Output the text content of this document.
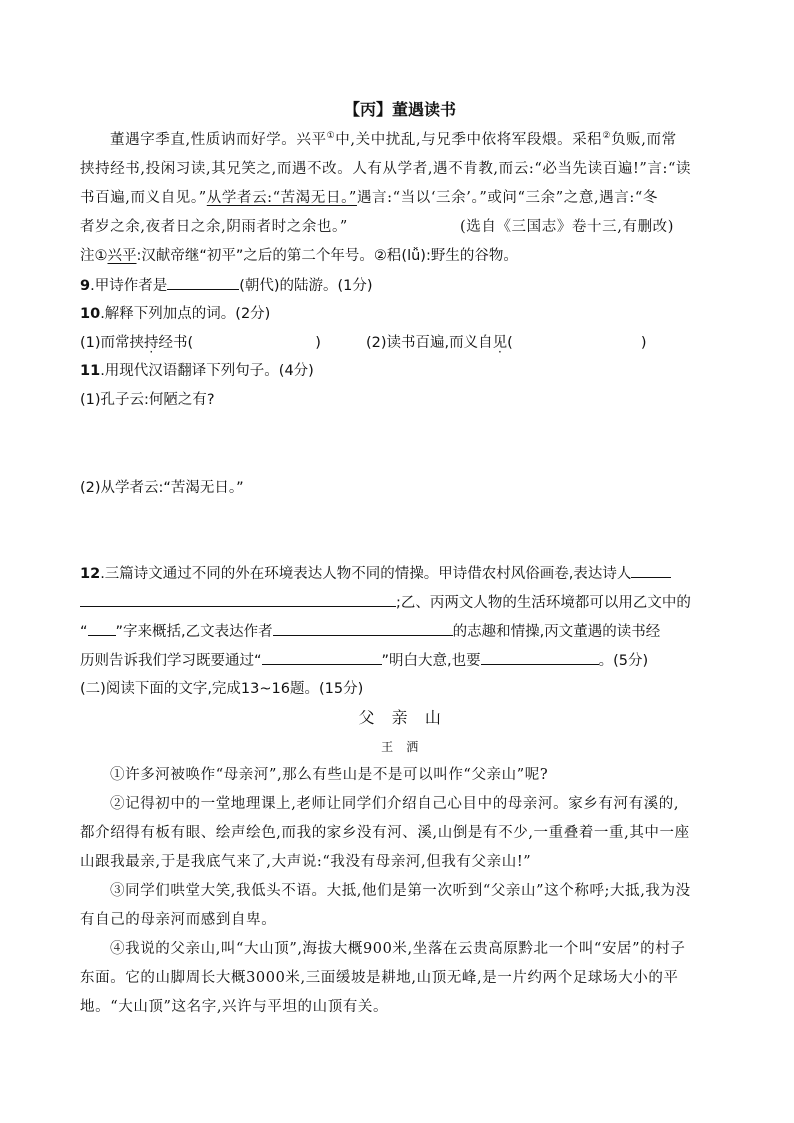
【丙】董遇读书
董遇字季直,性质讷而好学。兴平①中,关中扰乱,与兄季中依将军段煨。采稆②负贩,而常
挟持经书,投闲习读,其兄笑之,而遇不改。人有从学者,遇不肯教,而云:“必当先读百遍!”言:“读
书百遍,而义自见。”从学者云:“苦渴无日。”遇言:“当以‘三余’。”或问“三余”之意,遇言:“冬
者岁之余,夜者日之余,阴雨者时之余也。”	(选自《三国志》卷十三,有删改)
注①兴平:汉献帝继“初平”之后的第二个年号。②稆(lǚ):野生的谷物。
9.甲诗作者是	(朝代)的陆游。(1分)
10.解释下列加点的词。(2分)
(1)而常挟持经书(	)	(2)读书百遍,而义自见(	)
11.用现代汉语翻译下列句子。(4分)
(1)孔子云:何陋之有?
(2)从学者云:“苦渴无日。”
12.三篇诗文通过不同的外在环境表达人物不同的情操。甲诗借农村风俗画卷,表达诗人
;乙、丙两文人物的生活环境都可以用乙文中的
“ ”字来概括,乙文表达作者	的志趣和情操,丙文董遇的读书经
历则告诉我们学习既要通过“	”明白大意,也要	。(5分)
(二)阅读下面的文字,完成13~16题。(15分)
父　亲　山
王　洒
①许多河被唤作“母亲河”,那么有些山是不是可以叫作“父亲山”呢?
②记得初中的一堂地理课上,老师让同学们介绍自己心目中的母亲河。家乡有河有溪的,
都介绍得有板有眼、绘声绘色,而我的家乡没有河、溪,山倒是有不少,一重叠着一重,其中一座
山跟我最亲,于是我底气来了,大声说:“我没有母亲河,但我有父亲山!”
③同学们哄堂大笑,我低头不语。大抵,他们是第一次听到“父亲山”这个称呼;大抵,我为没
有自己的母亲河而感到自卑。
④我说的父亲山,叫“大山顶”,海拔大概900米,坐落在云贵高原黔北一个叫“安居”的村子
东面。它的山脚周长大概3000米,三面缓坡是耕地,山顶无峰,是一片约两个足球场大小的平
地。“大山顶”这名字,兴许与平坦的山顶有关。
